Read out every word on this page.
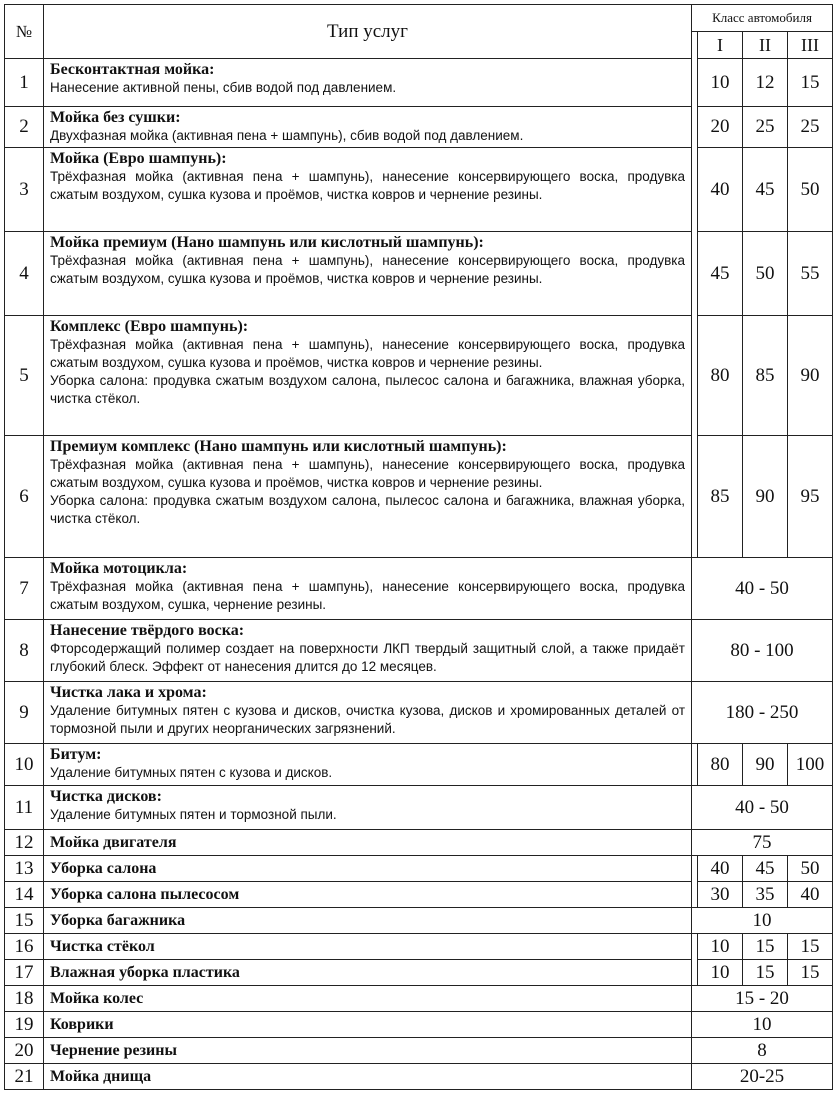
№	Тип услуг	Класс автомобиля			
			I	II	III
1	Бесконтактная мойка:
Нанесение активной пены, сбив водой под давлением.		10	12	15
2	Мойка без сушки:
Двухфазная мойка (активная пена + шампунь), сбив водой под давлением.		20	25	25
3	Мойка (Евро шампунь):
Трёхфазная мойка (активная пена + шампунь), нанесение консервирующего воска, продувка сжатым воздухом, сушка кузова и проёмов, чистка ковров и чернение резины.		40	45	50
4	Мойка премиум (Нано шампунь или кислотный шампунь):
Трёхфазная мойка (активная пена + шампунь), нанесение консервирующего воска, продувка сжатым воздухом, сушка кузова и проёмов, чистка ковров и чернение резины.		45	50	55
5	Комплекс (Евро шампунь):
Трёхфазная мойка (активная пена + шампунь), нанесение консервирующего воска, продувка сжатым воздухом, сушка кузова и проёмов, чистка ковров и чернение резины.
Уборка салона: продувка сжатым воздухом салона, пылесос салона и багажника, влажная уборка, чистка стёкол.		80	85	90
6	Премиум комплекс (Нано шампунь или кислотный шампунь):
Трёхфазная мойка (активная пена + шампунь), нанесение консервирующего воска, продувка сжатым воздухом, сушка кузова и проёмов, чистка ковров и чернение резины.
Уборка салона: продувка сжатым воздухом салона, пылесос салона и багажника, влажная уборка, чистка стёкол.		85	90	95
7	Мойка мотоцикла:
Трёхфазная мойка (активная пена + шампунь), нанесение консервирующего воска, продувка сжатым воздухом, сушка, чернение резины.	40 - 50			
8	Нанесение твёрдого воска:
Фторсодержащий полимер создает на поверхности ЛКП твердый защитный слой, а также придаёт глубокий блеск. Эффект от нанесения длится до 12 месяцев.	80 - 100			
9	Чистка лака и хрома:
Удаление битумных пятен с кузова и дисков, очистка кузова, дисков и хромированных деталей от тормозной пыли и других неорганических загрязнений.	180 - 250			
10	Битум:
Удаление битумных пятен с кузова и дисков.		80	90	100
11	Чистка дисков:
Удаление битумных пятен и тормозной пыли.	40 - 50			
12	Мойка двигателя	75			
13	Уборка салона		40	45	50
14	Уборка салона пылесосом		30	35	40
15	Уборка багажника	10			
16	Чистка стёкол		10	15	15
17	Влажная уборка пластика		10	15	15
18	Мойка колес	15 - 20			
19	Коврики	10			
20	Чернение резины	8			
21	Мойка днища	20-25			
